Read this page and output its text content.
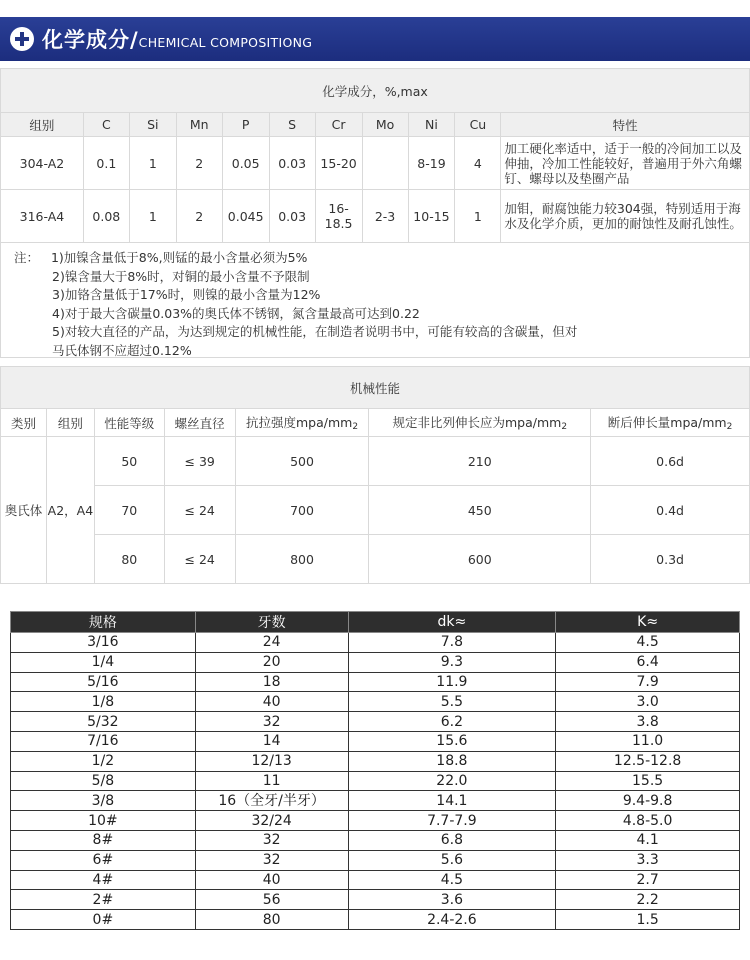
化学成分/ CHEMICAL COMPOSITIONG
化学成分，%,max										
组别	C	Si	Mn	P	S	Cr	Mo	Ni	Cu	特性
304-A2	0.1	1	2	0.05	0.03	15-20		8-19	4	加工硬化率适中，适于一般的冷间加工以及伸抽，冷加工性能较好，普遍用于外六角螺钉、螺母以及垫圈产品
316-A4	0.08	1	2	0.045	0.03	16-18.5	2-3	10-15	1	加钼，耐腐蚀能力较304强，特别适用于海水及化学介质，更加的耐蚀性及耐孔蚀性。
注： 1)加镍含量低于8%,则锰的最小含量必须为5%
2)镍含量大于8%时，对铜的最小含量不予限制
3)加铬含量低于17%时，则镍的最小含量为12%
4)对于最大含碳量0.03%的奥氏体不锈钢，氮含量最高可达到0.22
5)对较大直径的产品，为达到规定的机械性能，在制造者说明书中，可能有较高的含碳量，但对
马氏体钢不应超过0.12%
机械性能						
类别	组别	性能等级	螺丝直径	抗拉强度mpa/$mm_2$	规定非比列伸长应为mpa/$mm_2$	断后伸长量mpa/$mm_2$
奥氏体	A2，A4	50	≤ 39	500	210	0.6d
		70	≤ 24	700	450	0.4d
		80	≤ 24	800	600	0.3d
规格	牙数	dk≈	K≈
3/16	24	7.8	4.5
1/4	20	9.3	6.4
5/16	18	11.9	7.9
1/8	40	5.5	3.0
5/32	32	6.2	3.8
7/16	14	15.6	11.0
1/2	12/13	18.8	12.5-12.8
5/8	11	22.0	15.5
3/8	16（全牙/半牙）	14.1	9.4-9.8
10#	32/24	7.7-7.9	4.8-5.0
8#	32	6.8	4.1
6#	32	5.6	3.3
4#	40	4.5	2.7
2#	56	3.6	2.2
0#	80	2.4-2.6	1.5
